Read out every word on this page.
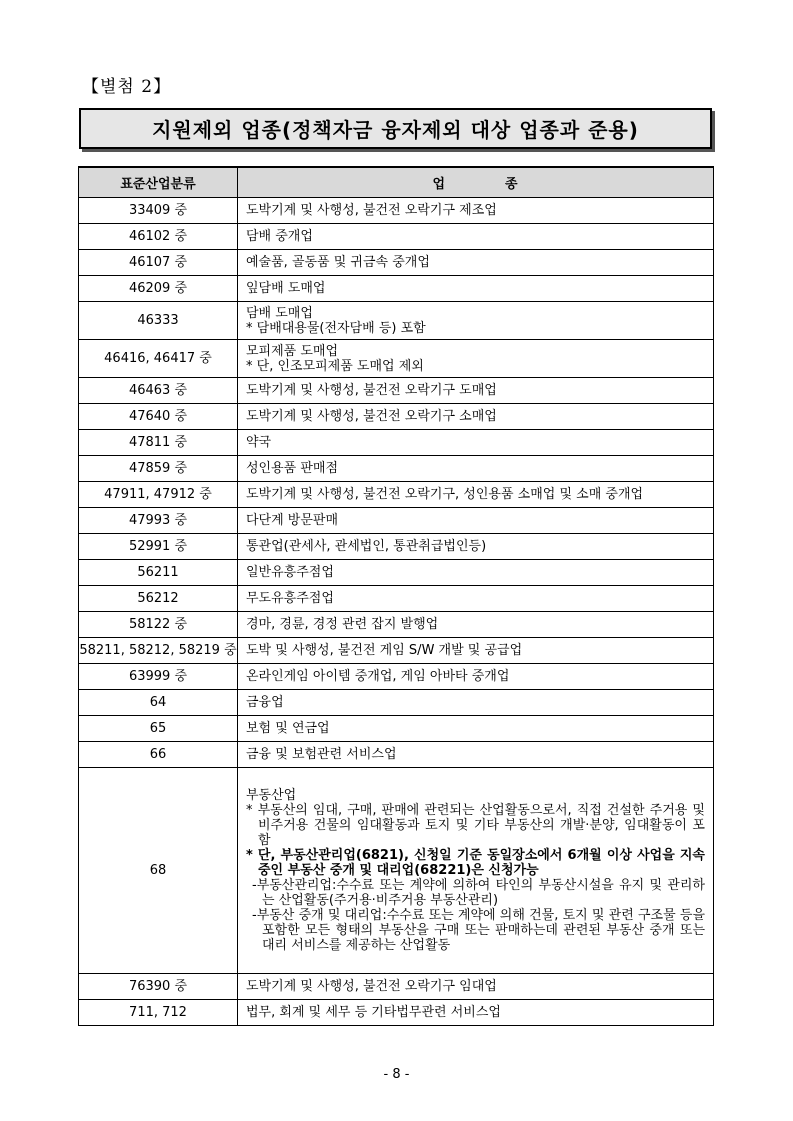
【별첨 2】
지원제외 업종(정책자금 융자제외 대상 업종과 준용)
표준산업분류	업종
33409 중	도박기계 및 사행성, 불건전 오락기구 제조업

46102 중	담배 중개업

46107 중	예술품, 골동품 및 귀금속 중개업

46209 중	잎담배 도매업

46333	담배 도매업
* 담배대용물(전자담배 등) 포함

46416, 46417 중	모피제품 도매업
* 단, 인조모피제품 도매업 제외

46463 중	도박기계 및 사행성, 불건전 오락기구 도매업

47640 중	도박기계 및 사행성, 불건전 오락기구 소매업

47811 중	약국

47859 중	성인용품 판매점

47911, 47912 중	도박기계 및 사행성, 불건전 오락기구, 성인용품 소매업 및 소매 중개업

47993 중	다단계 방문판매

52991 중	통관업(관세사, 관세법인, 통관취급법인등)

56211	일반유흥주점업

56212	무도유흥주점업

58122 중	경마, 경륜, 경정 관련 잡지 발행업

58211, 58212, 58219 중	도박 및 사행성, 불건전 게임 S/W 개발 및 공급업

63999 중	온라인게임 아이템 중개업, 게임 아바타 중개업

64	금융업

65	보험 및 연금업

66	금융 및 보험관련 서비스업

68	부동산업
* 부동산의 임대, 구매, 판매에 관련되는 산업활동으로서, 직접 건설한 주거용 및 비주거용 건물의 임대활동과 토지 및 기타 부동산의 개발·분양, 임대활동이 포함
* 단, 부동산관리업(6821), 신청일 기준 동일장소에서 6개월 이상 사업을 지속 중인 부동산 중개 및 대리업(68221)은 신청가능
-부동산관리업:수수료 또는 계약에 의하여 타인의 부동산시설을 유지 및 관리하는 산업활동(주거용·비주거용 부동산관리)
-부동산 중개 및 대리업:수수료 또는 계약에 의해 건물, 토지 및 관련 구조물 등을 포함한 모든 형태의 부동산을 구매 또는 판매하는데 관련된 부동산 중개 또는 대리 서비스를 제공하는 산업활동

76390 중	도박기계 및 사행성, 불건전 오락기구 임대업

711, 712	법무, 회계 및 세무 등 기타법무관련 서비스업
- 8 -
